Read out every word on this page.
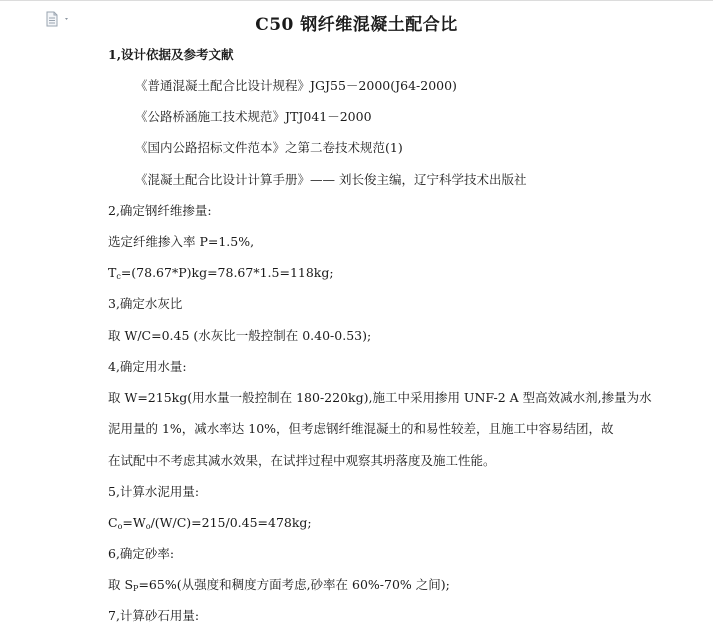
C50 钢纤维混凝土配合比
1,设计依据及参考文献
《普通混凝土配合比设计规程》JGJ55－2000(J64-2000)
《公路桥涵施工技术规范》JTJ041－2000
《国内公路招标文件范本》之第二卷技术规范(1)
《混凝土配合比设计计算手册》—— 刘长俊主编，辽宁科学技术出版社
2,确定钢纤维掺量:
选定纤维掺入率 P=1.5%,
$T_c=(78.67*P)kg=78.67*1.5=118kg$;
3,确定水灰比
取 W/C=0.45 (水灰比一般控制在 0.40-0.53);
4,确定用水量:
取 W=215kg(用水量一般控制在 180-220kg),施工中采用掺用 UNF-2 A 型高效减水剂,掺量为水
泥用量的 1%，减水率达 10%，但考虑钢纤维混凝土的和易性较差，且施工中容易结团，故
在试配中不考虑其减水效果，在试拌过程中观察其坍落度及施工性能。
5,计算水泥用量:
$C_o=W_o/(W/C)=215/0.45=478kg$;
6,确定砂率:
取 $S_P=65\%$(从强度和稠度方面考虑,砂率在 60%-70% 之间);
7,计算砂石用量:
